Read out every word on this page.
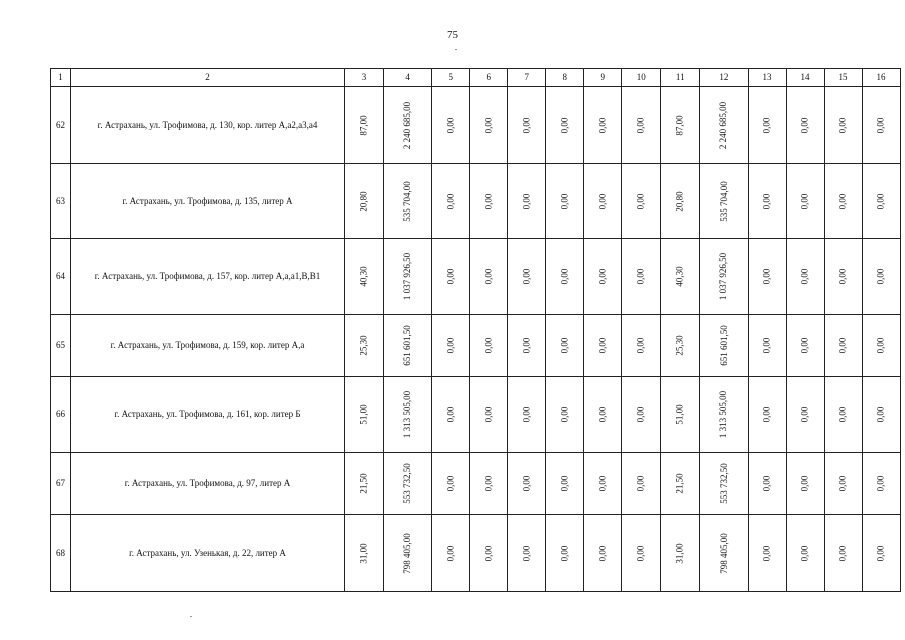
75
1	2	3	4	5	6	7	8	9	10	11	12	13	14	15	16
62	г. Астрахань, ул. Трофимова, д. 130, кор. литер А,а2,а3,а4	87,00	2 240 685,00	0,00	0,00	0,00	0,00	0,00	0,00	87,00	2 240 685,00	0,00	0,00	0,00	0,00
63	г. Астрахань, ул. Трофимова, д. 135, литер А	20,80	535 704,00	0,00	0,00	0,00	0,00	0,00	0,00	20,80	535 704,00	0,00	0,00	0,00	0,00
64	г. Астрахань, ул. Трофимова, д. 157, кор. литер А,а,а1,В,В1	40,30	1 037 926,50	0,00	0,00	0,00	0,00	0,00	0,00	40,30	1 037 926,50	0,00	0,00	0,00	0,00
65	г. Астрахань, ул. Трофимова, д. 159, кор. литер А,а	25,30	651 601,50	0,00	0,00	0,00	0,00	0,00	0,00	25,30	651 601,50	0,00	0,00	0,00	0,00
66	г. Астрахань, ул. Трофимова, д. 161, кор. литер Б	51,00	1 313 505,00	0,00	0,00	0,00	0,00	0,00	0,00	51,00	1 313 505,00	0,00	0,00	0,00	0,00
67	г. Астрахань, ул. Трофимова, д. 97, литер А	21,50	553 732,50	0,00	0,00	0,00	0,00	0,00	0,00	21,50	553 732,50	0,00	0,00	0,00	0,00
68	г. Астрахань, ул. Узенькая, д. 22, литер А	31,00	798 405,00	0,00	0,00	0,00	0,00	0,00	0,00	31,00	798 405,00	0,00	0,00	0,00	0,00
